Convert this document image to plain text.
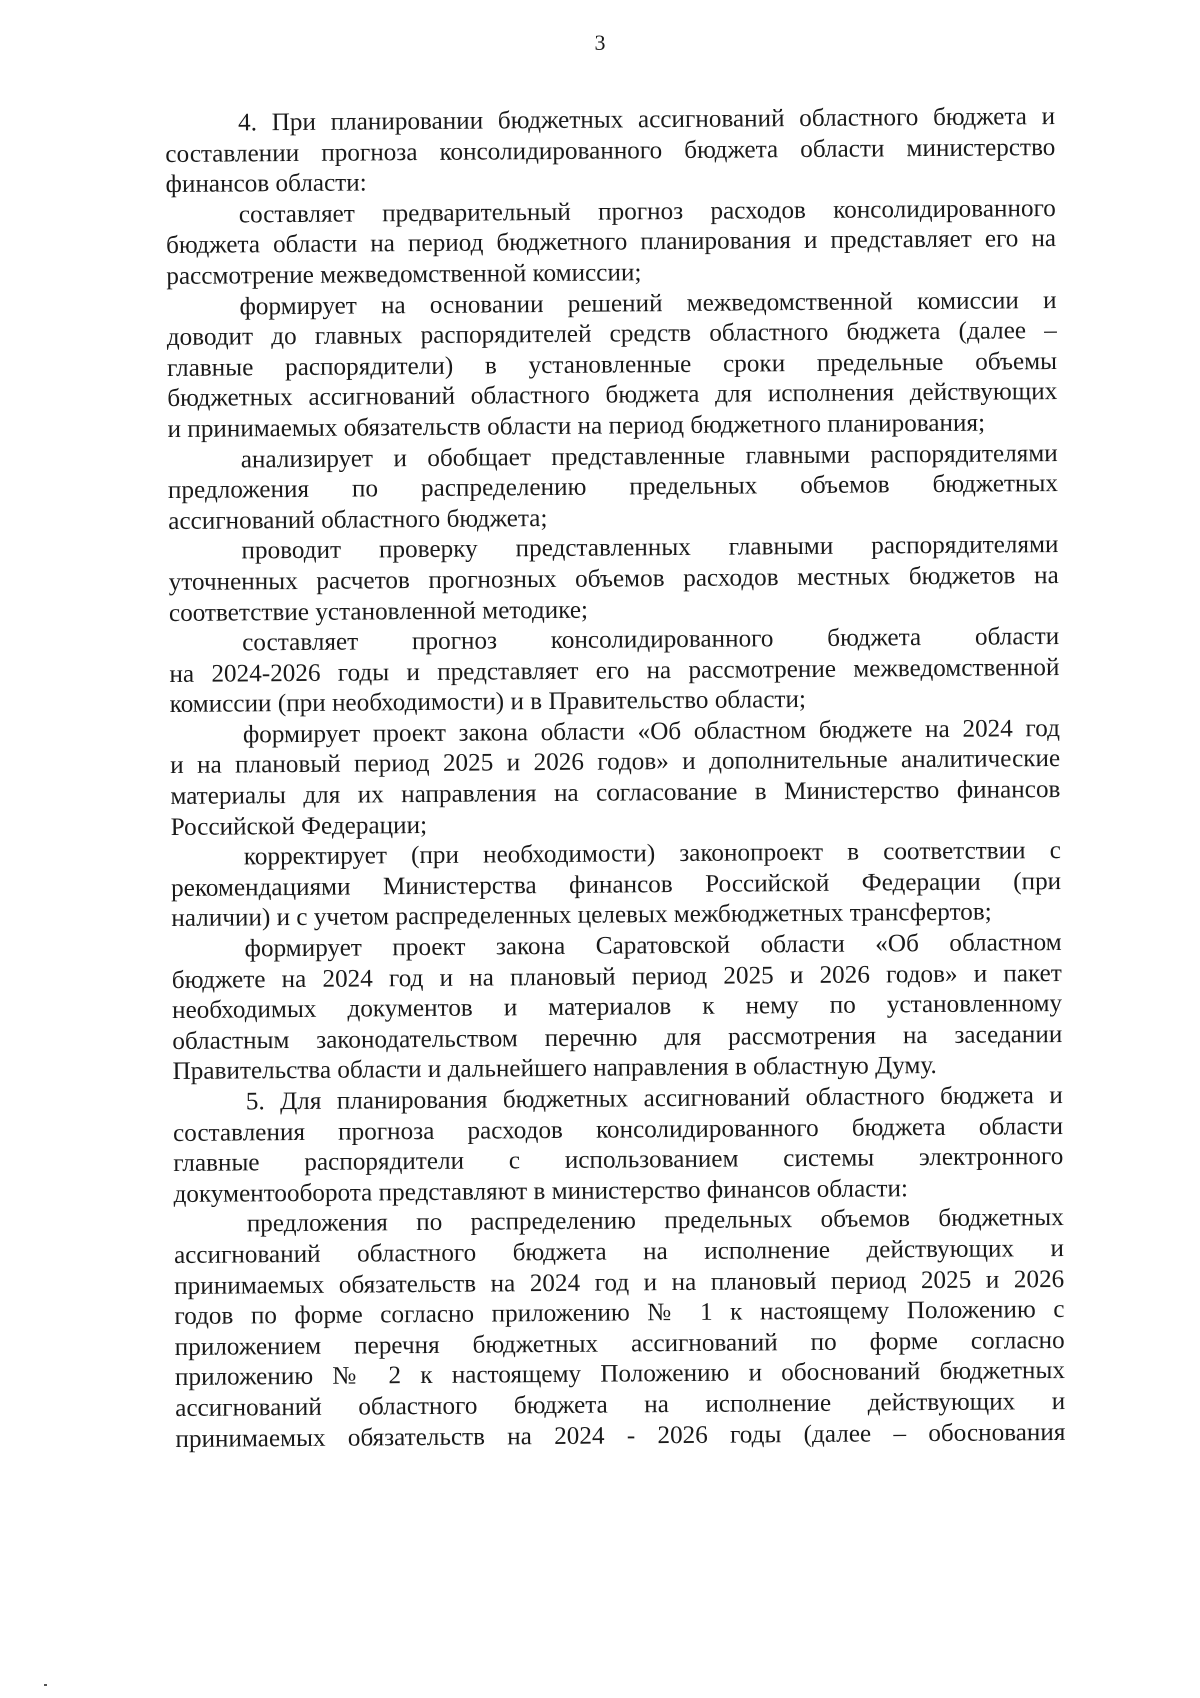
3
4. При планировании бюджетных ассигнований областного бюджета и
составлении прогноза консолидированного бюджета области министерство
финансов области:
составляет предварительный прогноз расходов консолидированного
бюджета области на период бюджетного планирования и представляет его на
рассмотрение межведомственной комиссии;
формирует на основании решений межведомственной комиссии и
доводит до главных распорядителей средств областного бюджета (далее –
главные распорядители) в установленные сроки предельные объемы
бюджетных ассигнований областного бюджета для исполнения действующих
и принимаемых обязательств области на период бюджетного планирования;
анализирует и обобщает представленные главными распорядителями
предложения по распределению предельных объемов бюджетных
ассигнований областного бюджета;
проводит проверку представленных главными распорядителями
уточненных расчетов прогнозных объемов расходов местных бюджетов на
соответствие установленной методике;
составляет прогноз консолидированного бюджета области
на 2024-2026 годы и представляет его на рассмотрение межведомственной
комиссии (при необходимости) и в Правительство области;
формирует проект закона области «Об областном бюджете на 2024 год
и на плановый период 2025 и 2026 годов» и дополнительные аналитические
материалы для их направления на согласование в Министерство финансов
Российской Федерации;
корректирует (при необходимости) законопроект в соответствии с
рекомендациями Министерства финансов Российской Федерации (при
наличии) и с учетом распределенных целевых межбюджетных трансфертов;
формирует проект закона Саратовской области «Об областном
бюджете на 2024 год и на плановый период 2025 и 2026 годов» и пакет
необходимых документов и материалов к нему по установленному
областным законодательством перечню для рассмотрения на заседании
Правительства области и дальнейшего направления в областную Думу.
5. Для планирования бюджетных ассигнований областного бюджета и
составления прогноза расходов консолидированного бюджета области
главные распорядители с использованием системы электронного
документооборота представляют в министерство финансов области:
предложения по распределению предельных объемов бюджетных
ассигнований областного бюджета на исполнение действующих и
принимаемых обязательств на 2024 год и на плановый период 2025 и 2026
годов по форме согласно приложению № 1 к настоящему Положению с
приложением перечня бюджетных ассигнований по форме согласно
приложению № 2 к настоящему Положению и обоснований бюджетных
ассигнований областного бюджета на исполнение действующих и
принимаемых обязательств на 2024 - 2026 годы (далее – обоснования
